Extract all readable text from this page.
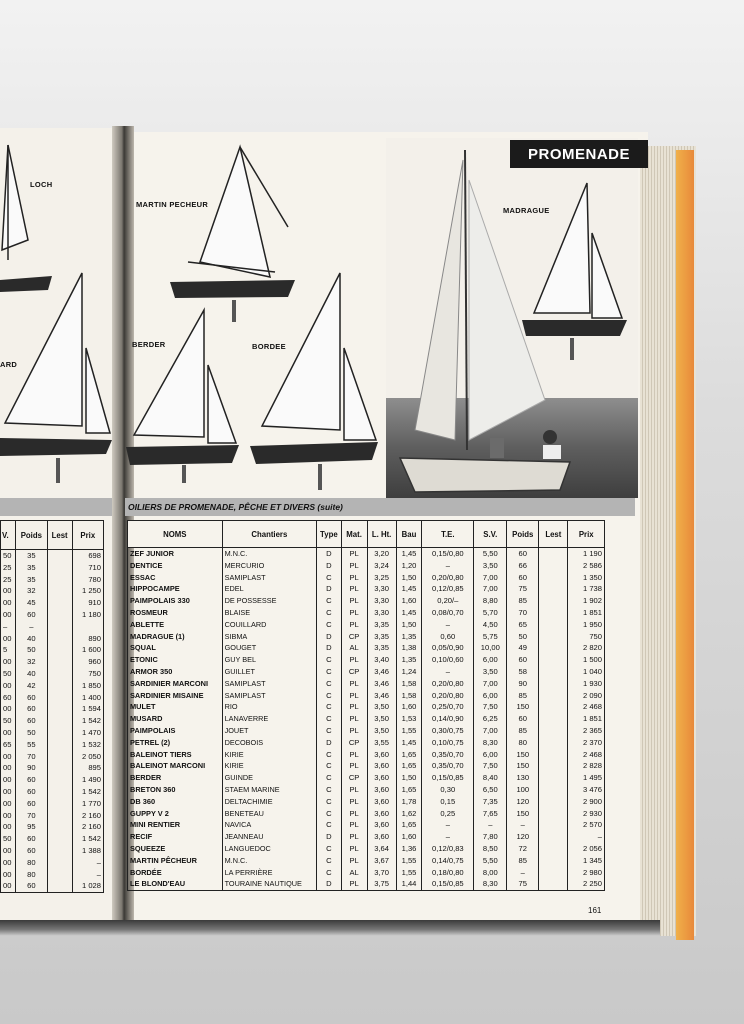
PROMENADE
LOCH
MARTIN PECHEUR
MADRAGUE
ARD
BERDER	BORDEE
OILIERS DE PROMENADE, PÊCHE ET DIVERS (suite)
V.	Poids	Lest	Prix
50	35		698
25	35		710
25	35		780
00	32		1 250
00	45		910
00	60		1 180
–	–		
00	40		890
5	50		1 600
00	32		960
50	40		750
00	42		1 850
60	60		1 400
00	60		1 594
50	60		1 542
00	50		1 470
65	55		1 532
00	70		2 050
00	90		895
00	60		1 490
00	60		1 542
00	60		1 770
00	70		2 160
00	95		2 160
50	60		1 542
00	60		1 388
00	80		–
00	80		–
00	60		1 028
NOMS	Chantiers	Type	Mat.	L. Ht.	Bau	T.E.	S.V.	Poids	Lest	Prix
ZEF JUNIOR	M.N.C.	D	PL	3,20	1,45	0,15/0,80	5,50	60		1 190
DENTICE	MERCURIO	D	PL	3,24	1,20	–	3,50	66		2 586
ESSAC	SAMIPLAST	C	PL	3,25	1,50	0,20/0,80	7,00	60		1 350
HIPPOCAMPE	EDEL	D	PL	3,30	1,45	0,12/0,85	7,00	75		1 738
PAIMPOLAIS 330	DE POSSESSE	C	PL	3,30	1,60	0,20/–	8,80	85		1 902
ROSMEUR	BLAISE	C	PL	3,30	1,45	0,08/0,70	5,70	70		1 851
ABLETTE	COUILLARD	C	PL	3,35	1,50	–	4,50	65		1 950
MADRAGUE (1)	SIBMA	D	CP	3,35	1,35	0,60	5,75	50		750
SQUAL	GOUGET	D	AL	3,35	1,38	0,05/0,90	10,00	49		2 820
ETONIC	GUY BEL	C	PL	3,40	1,35	0,10/0,60	6,00	60		1 500
ARMOR 350	GUILLET	C	CP	3,46	1,24	–	3,50	58		1 040
SARDINIER MARCONI	SAMIPLAST	C	PL	3,46	1,58	0,20/0,80	7,00	90		1 930
SARDINIER MISAINE	SAMIPLAST	C	PL	3,46	1,58	0,20/0,80	6,00	85		2 090
MULET	RIO	C	PL	3,50	1,60	0,25/0,70	7,50	150		2 468
MUSARD	LANAVERRE	C	PL	3,50	1,53	0,14/0,90	6,25	60		1 851
PAIMPOLAIS	JOUET	C	PL	3,50	1,55	0,30/0,75	7,00	85		2 365
PETREL (2)	DECOBOIS	D	CP	3,55	1,45	0,10/0,75	8,30	80		2 370
BALEINOT TIERS	KIRIE	C	PL	3,60	1,65	0,35/0,70	6,00	150		2 468
BALEINOT MARCONI	KIRIE	C	PL	3,60	1,65	0,35/0,70	7,50	150		2 828
BERDER	GUINDE	C	CP	3,60	1,50	0,15/0,85	8,40	130		1 495
BRETON 360	STAEM MARINE	C	PL	3,60	1,65	0,30	6,50	100		3 476
DB 360	DELTACHIMIE	C	PL	3,60	1,78	0,15	7,35	120		2 900
GUPPY V 2	BENETEAU	C	PL	3,60	1,62	0,25	7,65	150		2 930
MINI RENTIER	NAVICA	C	PL	3,60	1,65	–	–	–		2 570
RECIF	JEANNEAU	D	PL	3,60	1,60	–	7,80	120		–
SQUEEZE	LANGUEDOC	C	PL	3,64	1,36	0,12/0,83	8,50	72		2 056
MARTIN PÊCHEUR	M.N.C.	C	PL	3,67	1,55	0,14/0,75	5,50	85		1 345
BORDÉE	LA PERRIÈRE	C	AL	3,70	1,55	0,18/0,80	8,00	–		2 980
LE BLOND'EAU	TOURAINE NAUTIQUE	D	PL	3,75	1,44	0,15/0,85	8,30	75		2 250
161
